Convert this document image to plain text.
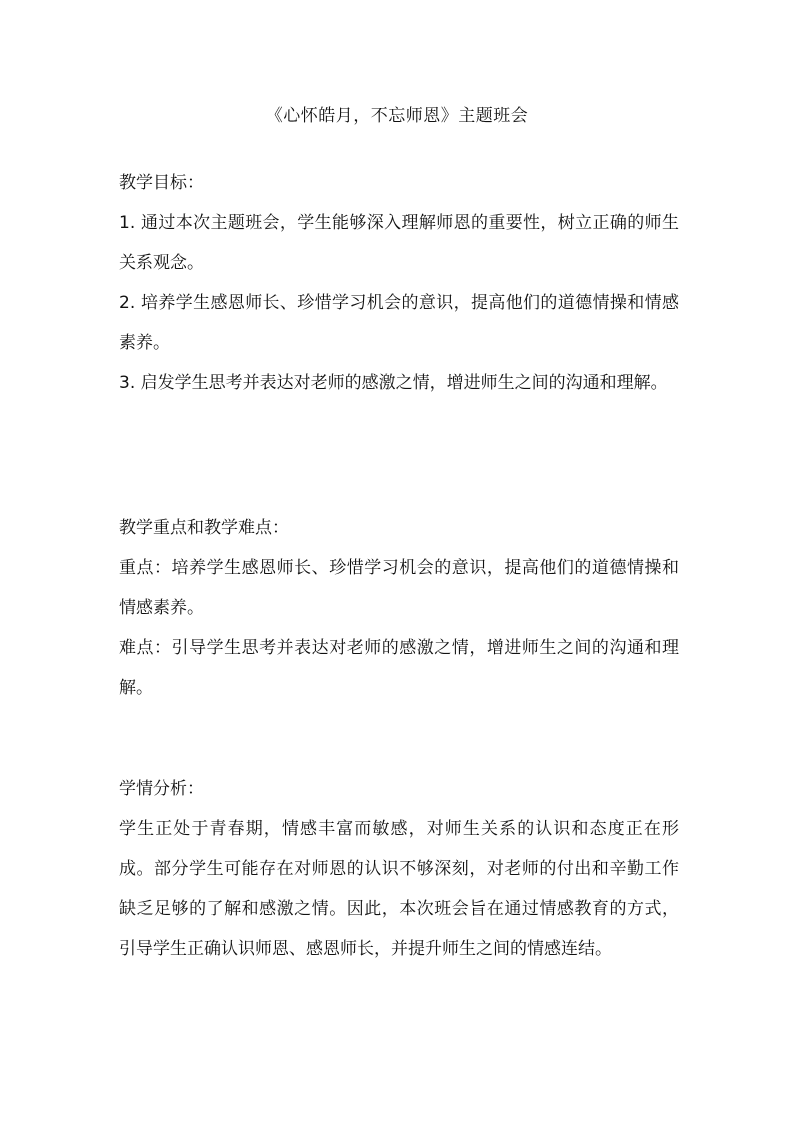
《心怀皓月，不忘师恩》主题班会

教学目标：

1. 通过本次主题班会，学生能够深入理解师恩的重要性，树立正确的师生关系观念。

2. 培养学生感恩师长、珍惜学习机会的意识，提高他们的道德情操和情感素养。

3. 启发学生思考并表达对老师的感激之情，增进师生之间的沟通和理解。

教学重点和教学难点：

重点：培养学生感恩师长、珍惜学习机会的意识，提高他们的道德情操和情感素养。

难点：引导学生思考并表达对老师的感激之情，增进师生之间的沟通和理解。

学情分析：

学生正处于青春期，情感丰富而敏感，对师生关系的认识和态度正在形成。部分学生可能存在对师恩的认识不够深刻，对老师的付出和辛勤工作缺乏足够的了解和感激之情。因此，本次班会旨在通过情感教育的方式，引导学生正确认识师恩、感恩师长，并提升师生之间的情感连结。
